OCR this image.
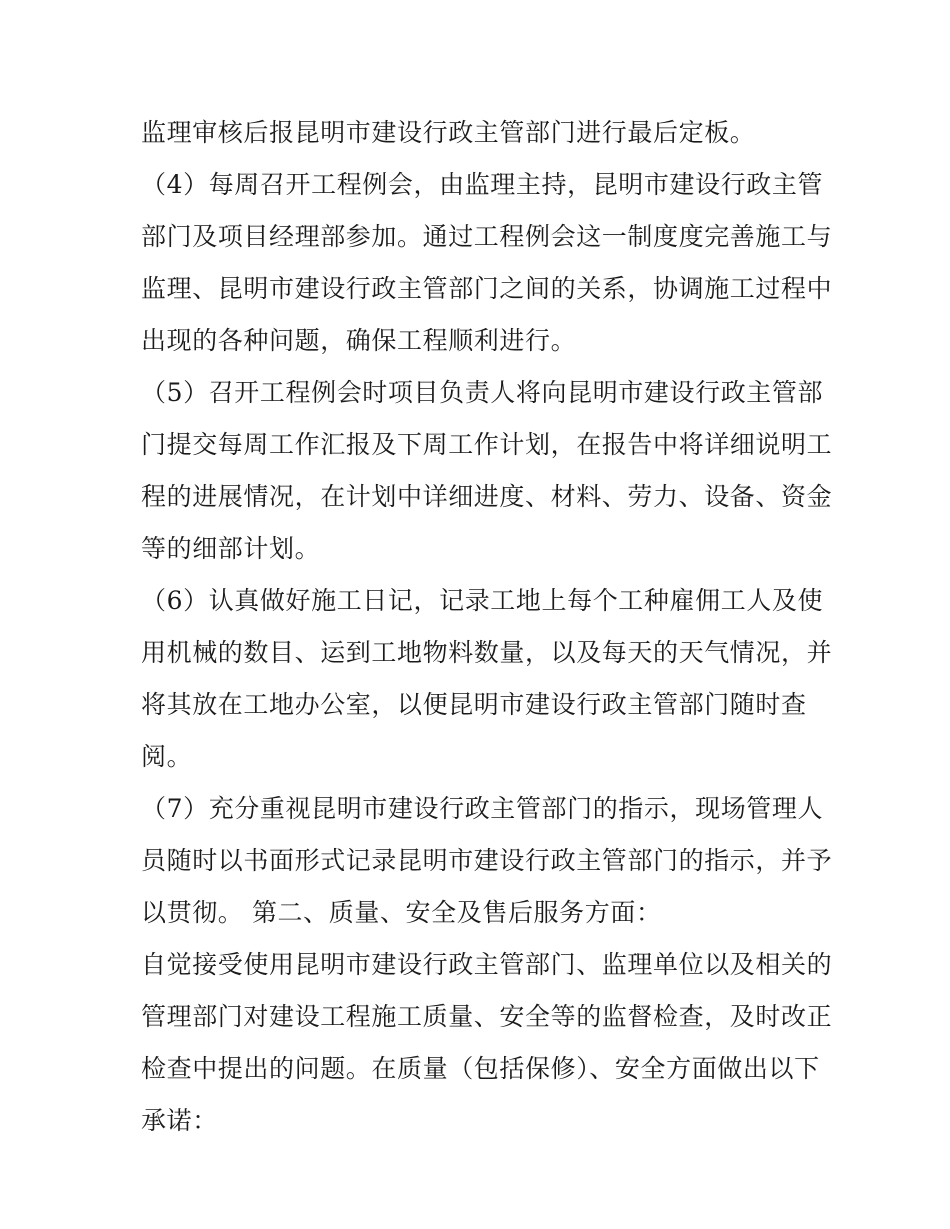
监理审核后报昆明市建设行政主管部门进行最后定板。
（4）每周召开工程例会，由监理主持，昆明市建设行政主管
部门及项目经理部参加。通过工程例会这一制度度完善施工与
监理、昆明市建设行政主管部门之间的关系，协调施工过程中
出现的各种问题，确保工程顺利进行。
（5）召开工程例会时项目负责人将向昆明市建设行政主管部
门提交每周工作汇报及下周工作计划，在报告中将详细说明工
程的进展情况，在计划中详细进度、材料、劳力、设备、资金
等的细部计划。
（6）认真做好施工日记，记录工地上每个工种雇佣工人及使
用机械的数目、运到工地物料数量，以及每天的天气情况，并
将其放在工地办公室，以便昆明市建设行政主管部门随时查
阅。
（7）充分重视昆明市建设行政主管部门的指示，现场管理人
员随时以书面形式记录昆明市建设行政主管部门的指示，并予
以贯彻。 第二、质量、安全及售后服务方面：
自觉接受使用昆明市建设行政主管部门、监理单位以及相关的
管理部门对建设工程施工质量、安全等的监督检查，及时改正
检查中提出的问题。在质量（包括保修）、安全方面做出以下
承诺：
